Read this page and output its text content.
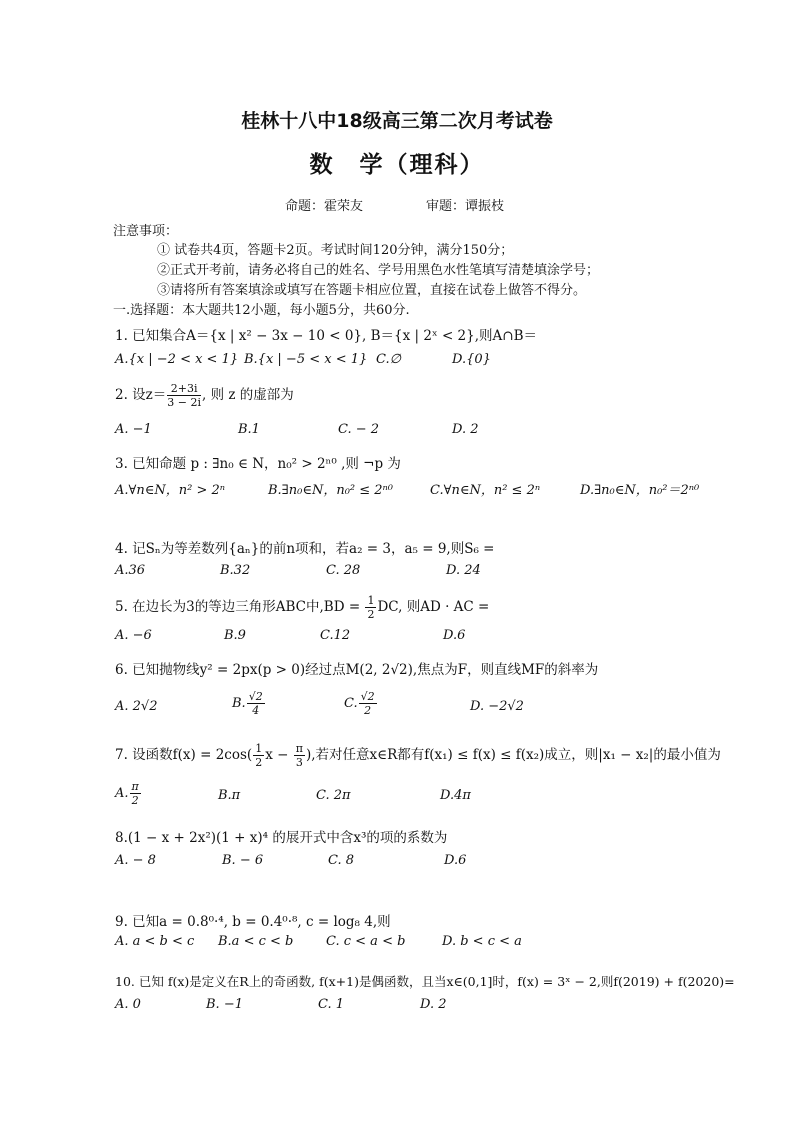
桂林十八中18级高三第二次月考试卷
数　学（理科）
命题：霍荣友	审题：谭振枝
注意事项：
① 试卷共4页，答题卡2页。考试时间120分钟，满分150分；
②正式开考前，请务必将自己的姓名、学号用黑色水性笔填写清楚填涂学号；
③请将所有答案填涂或填写在答题卡相应位置，直接在试卷上做答不得分。
一.选择题：本大题共12小题，每小题5分，共60分.
1. 已知集合A＝{x | x² − 3x − 10 < 0}, B＝{x | 2ˣ < 2},则A∩B＝
A.{x | −2 < x < 1} B.{x | −5 < x < 1} C.∅	D.{0}
2. 设$z= \frac{2+3i}{3 - 2i}$ , 则 z 的虚部为
A. −1	B.1	C. − 2	D. 2
3. 已知命题 p : ∃n₀ ∈ N，n₀² > 2ⁿ⁰ ,则 ¬p 为
A.∀n∈N，n² > 2ⁿ	B.∃n₀∈N，n₀² ≤ 2ⁿ⁰	C.∀n∈N，n² ≤ 2ⁿ	D.∃n₀∈N，n₀²＝2ⁿ⁰
4. 记Sₙ为等差数列{aₙ}的前n项和，若a₂ = 3，a₅ = 9,则S₆ =
A.36	B.32	C. 28	D. 24
5. 在边长为3的等边三角形ABC中$,BD = \frac{1}{2}$ DC, 则AD · AC =
A. −6	B.9	C.12	D.6
6. 已知抛物线y² = 2px(p > 0)经过点M(2, 2√2),焦点为F，则直线MF的斜率为
A. 2√2	B. $\frac{√2}{4}$	C. $\frac{√2}{2}$	D. −2√2
7. 设函数$f(x) = 2\cos( \frac{1}{2}$ $x - \frac{\pi}{3}$ ),若对任意x∈R都有f(x₁) ≤ f(x) ≤ f(x₂)成立，则|x₁ − x₂|的最小值为
A. $\frac{\pi}{2}$	B.π	C. 2π	D.4π
8.(1 − x + 2x²)(1 + x)⁴ 的展开式中含x³的项的系数为
A. − 8	B. − 6	C. 8	D.6
9. 已知a = 0.8⁰·⁴, b = 0.4⁰·⁸, c = log₈ 4,则
A. a < b < c B.a < c < b	C. c < a < b	D. b < c < a
10. 已知 f(x)是定义在R上的奇函数, f(x+1)是偶函数，且当x∈(0,1]时，f(x) = 3ˣ − 2,则f(2019) + f(2020)=
A. 0	B. −1	C. 1	D. 2
